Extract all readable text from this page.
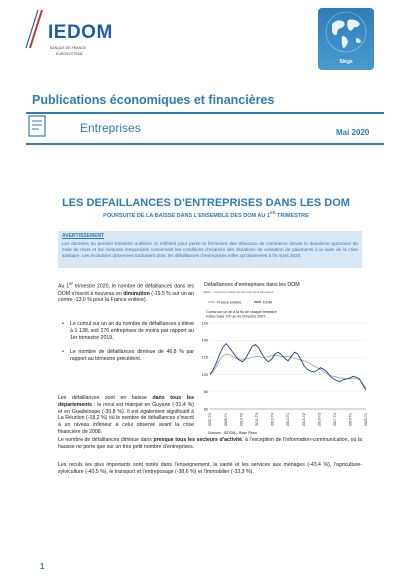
IEDOM
BANQUE DE FRANCE
EUROSYSTÈME
Siège
Publications économiques et financières
Entreprises	Mai 2020
LES DEFAILLANCES D’ENTREPRISES DANS LES DOM
POURSUITE DE LA BAISSE DANS L’ENSEMBLE DES DOM AU 1ER TRIMESTRE
AVERTISSEMENT
Les données du premier trimestre oubliées ici reflètent pour partie la fermeture des tribunaux de commerce durant la deuxième quinzaine du mois de mars et les mesures temporaires concernant les conditions d’examen des situations de cessation de paiements à la suite de la crise sanitaire. Les évolutions observées traduisent donc les défaillances d’entreprises telles qu’observées à fin mars 2020.
Au 1er trimestre 2020, le nombre de défaillances dans les DOM s’inscrit à nouveau en diminution (-19,5 % sur un an contre -13,0 % pour la France entière).
• Le cumul sur un an du nombre de défaillances s’élève à 1 138, soit 276 entreprises de moins par rapport au 1er trimestre 2019.
• Le nombre de défaillances diminue de 46,8 % par rapport au trimestre précédent.
Les défaillances sont en baisse dans tous les départements : le recul est marqué en Guyane (-31,4 %) et en Guadeloupe (-30,8 %). Il est également significatif à La Réunion (-18,2 %) où le nombre de défaillances s’inscrit à un niveau inférieur à celui observé avant la crise financière de 2008.
Défaillances d’entreprises dans les DOM
Base : moyenne mobile sur les 4 derniers trimestres
France entière	DOM
Cumul sur un an à la fin de chaque trimestre
Indice base 100 au 4e trimestre 2007
60
80
100
120
140
160
2007-T4	2009-T1	2010-T2	2011-T3	2012-T4	2014-T1	2015-T2	2016-T3	2017-T4	2019-T1	2020-T1
Sources : IEDOM – Base Fiben
Le nombre de défaillances diminue dans presque tous les secteurs d’activité, à l’exception de l’information-communication, où la hausse ne porte que sur un très petit nombre d’entreprises.
Les reculs les plus importants sont notés dans l’enseignement, la santé et les services aux ménages (-43,4 %), l’agriculture-sylviculture (-40,5 %), le transport et l’entreposage (-38,6 %) et l’immobilier (-33,3 %).
1
